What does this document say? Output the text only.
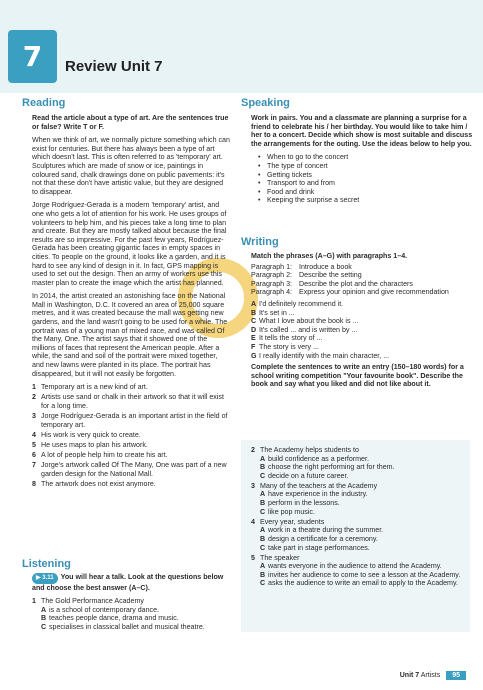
7 Review Unit 7
Reading

Read the article about a type of art. Are the sentences true or false? Write T or F.

When we think of art, we normally picture something which can exist for centuries. But there has always been a type of art which doesn't last. This is often referred to as 'temporary' art. Sculptures which are made of snow or ice, paintings in coloured sand, chalk drawings done on public pavements: it's not that these don't have artistic value, but they are designed to disappear.

Jorge Rodríguez-Gerada is a modern 'temporary' artist, and one who gets a lot of attention for his work. He uses groups of volunteers to help him, and his pieces take a long time to plan and create. But they are mostly talked about because the final results are so impressive. For the past few years, Rodríguez-Gerada has been creating gigantic faces in empty spaces in cities. To people on the ground, it looks like a garden, and it is hard to see any kind of design in it. In fact, GPS mapping is used to set out the design. Then an army of workers use this master plan to create the image which the artist has planned.

In 2014, the artist created an astonishing face on the National Mall in Washington, D.C. It covered an area of 25,000 square metres, and it was created because the mall was getting new gardens, and the land wasn't going to be used for a while. The portrait was of a young man of mixed race, and was called Of the Many, One. The artist says that it showed one of the millions of faces that represent the American people. After a while, the sand and soil of the portrait were mixed together, and new lawns were planted in its place. The portrait has disappeared, but it will not easily be forgotten.

1 Temporary art is a new kind of art.
2 Artists use sand or chalk in their artwork so that it will exist for a long time.
3 Jorge Rodríguez-Gerada is an important artist in the field of temporary art.
4 His work is very quick to create.
5 He uses maps to plan his artwork.
6 A lot of people help him to create his art.
7 Jorge's artwork called Of The Many, One was part of a new garden design for the National Mall.
8 The artwork does not exist anymore.
Listening

▶ 3.11 You will hear a talk. Look at the questions below and choose the best answer (A–C).

1 The Gold Performance Academy
A is a school of contemporary dance.
B teaches people dance, drama and music.
C specialises in classical ballet and musical theatre.
Speaking

Work in pairs. You and a classmate are planning a surprise for a friend to celebrate his / her birthday. You would like to take him / her to a concert. Decide which show is most suitable and discuss the arrangements for the outing. Use the ideas below to help you.

• When to go to the concert
• The type of concert
• Getting tickets
• Transport to and from
• Food and drink
• Keeping the surprise a secret
Writing

Match the phrases (A–G) with paragraphs 1–4.

Paragraph 1: Introduce a book
Paragraph 2: Describe the setting
Paragraph 3: Describe the plot and the characters
Paragraph 4: Express your opinion and give recommendation
A I'd definitely recommend it.
B It's set in ...
C What I love about the book is ...
D It's called ... and is written by ...
E It tells the story of ...
F The story is very ...
G I really identify with the main character, ...

Complete the sentences to write an entry (150–180 words) for a school writing competition "Your favourite book". Describe the book and say what you liked and did not like about it.

2 The Academy helps students to
A build confidence as a performer.
B choose the right performing art for them.
C decide on a future career.
3 Many of the teachers at the Academy
A have experience in the industry.
B perform in the lessons.
C like pop music.
4 Every year, students
A work in a theatre during the summer.
B design a certificate for a ceremony.
C take part in stage performances.
5 The speaker
A wants everyone in the audience to attend the Academy.
B invites her audience to come to see a lesson at the Academy.
C asks the audience to write an email to apply to the Academy.
Unit 7 Artists	95
